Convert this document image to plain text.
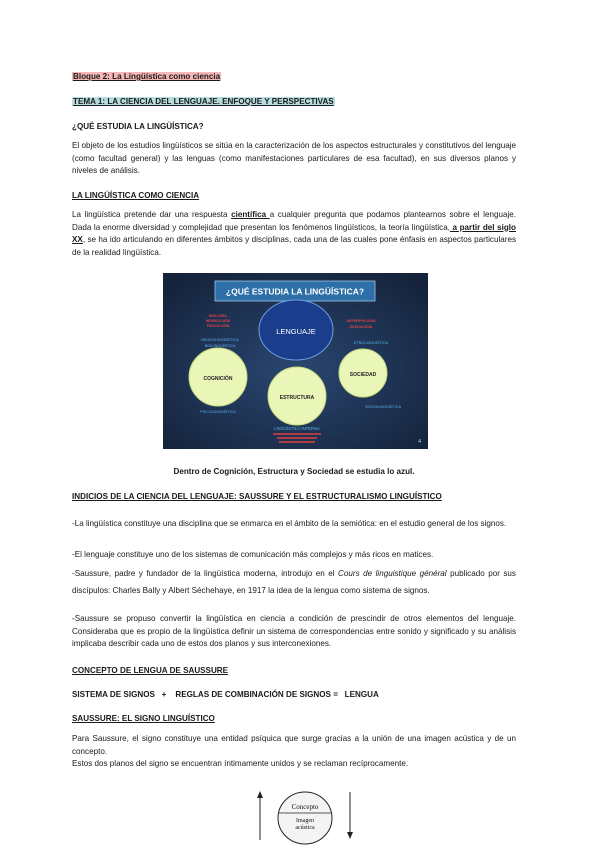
Bloque 2: La Lingüística como ciencia
TEMA 1: LA CIENCIA DEL LENGUAJE. ENFOQUE Y PERSPECTIVAS
¿QUÉ ESTUDIA LA LINGÜÍSTICA?
El objeto de los estudios lingüísticos se sitúa en la caracterización de los aspectos estructurales y constitutivos del lenguaje (como facultad general) y las lenguas (como manifestaciones particulares de esa facultad), en sus diversos planos y niveles de análisis.
LA LINGÜÍSTICA COMO CIENCIA
La lingüística pretende dar una respuesta científica a cualquier pregunta que podamos plantearnos sobre el lenguaje. Dada la enorme diversidad y complejidad que presentan los fenómenos lingüísticos, la teoría lingüística, a partir del siglo XX, se ha ido articulando en diferentes ámbitos y disciplinas, cada una de las cuales pone énfasis en aspectos particulares de la realidad lingüística.
¿QUÉ ESTUDIA LA LINGÜÍSTICA?
LENGUAJE
COGNICIÓN
SOCIEDAD
ESTRUCTURA
BIOLOGÍA
NEUROLOGÍA
PSICOLOGÍA
ANTROPOLOGÍA
SOCIOLOGÍA
NEUROLINGÜÍSTICA
BIOLINGÜÍSTICA
ETNOLINGÜÍSTICA
PSICOLINGÜÍSTICA
SOCIOLINGÜÍSTICA
LINGÜÍSTICA INTERNA
4
Dentro de Cognición, Estructura y Sociedad se estudia lo azul.
INDICIOS DE LA CIENCIA DEL LENGUAJE: SAUSSURE Y EL ESTRUCTURALISMO LINGUÍSTICO
-La lingüística constituye una disciplina que se enmarca en el ámbito de la semiótica: en el estudio general de los signos.
-El lenguaje constituye uno de los sistemas de comunicación más complejos y más ricos en matices.
-Saussure, padre y fundador de la lingüística moderna, introdujo en el Cours de linguistique général publicado por sus discípulos: Charles Bally y Albert Séchehaye, en 1917 la idea de la lengua como sistema de signos.
-Saussure se propuso convertir la lingüística en ciencia a condición de prescindir de otros elementos del lenguaje. Consideraba que es propio de la lingüística definir un sistema de correspondencias entre sonido y significado y su análisis implicaba describir cada uno de estos dos planos y sus interconexiones.
CONCEPTO DE LENGUA DE SAUSSURE
SISTEMA DE SIGNOS   +    REGLAS DE COMBINACIÓN DE SIGNOS =   LENGUA
SAUSSURE: EL SIGNO LINGUÍSTICO
Para Saussure, el signo constituye una entidad psíquica que surge gracias a la unión de una imagen acústica y de un concepto.
Estos dos planos del signo se encuentran íntimamente unidos y se reclaman recíprocamente.
Concepto
Imagen
acústica
